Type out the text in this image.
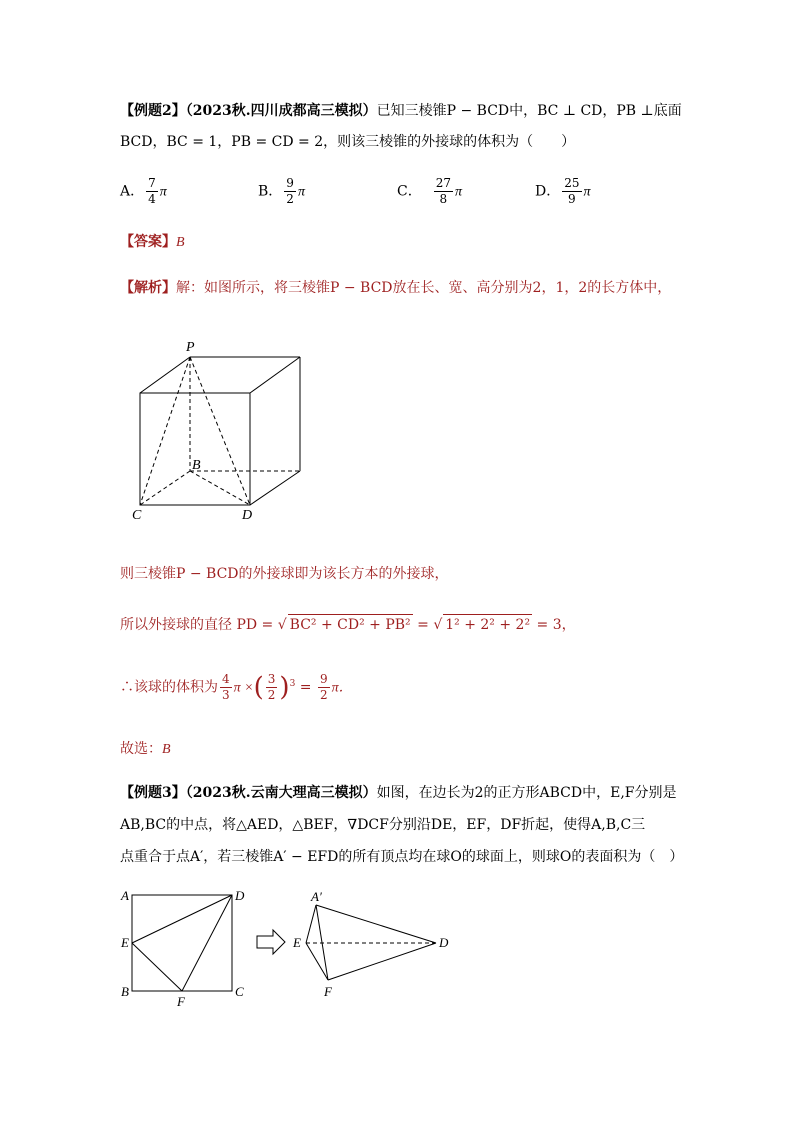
【例题2】（2023秋.四川成都高三模拟）已知三棱锥P − BCD中，BC ⊥ CD，PB ⊥底面
BCD，BC = 1，PB = CD = 2，则该三棱锥的外接球的体积为（　　）
A． $\frac{7}{4}$ π	B． $\frac{9}{2}$ π	C． $\frac{27}{8}$ π	D． $\frac{25}{9}$ π
【答案】B
【解析】解：如图所示，将三棱锥P − BCD放在长、宽、高分别为2，1，2的长方体中，
P
B
C	D
则三棱锥P − BCD的外接球即为该长方本的外接球，
所以外接球的直径 PD = √ BC² + CD² + PB² = √ 1² + 2² + 2² = 3，
∴该球的体积为 $\frac{4}{3}$ π ×( $\frac{3}{2} )^3 = \frac{9}{2}$ π．
故选：B
【例题3】（2023秋.云南大理高三模拟）如图，在边长为2的正方形ABCD中，E,F分别是
AB,BC的中点，将△AED，△BEF，∇DCF分别沿DE，EF，DF折起，使得A,B,C三
点重合于点A′，若三棱锥A′ − EFD的所有顶点均在球O的球面上，则球O的表面积为（　）
A	D
E
B
F
C
A′
E	D
F
